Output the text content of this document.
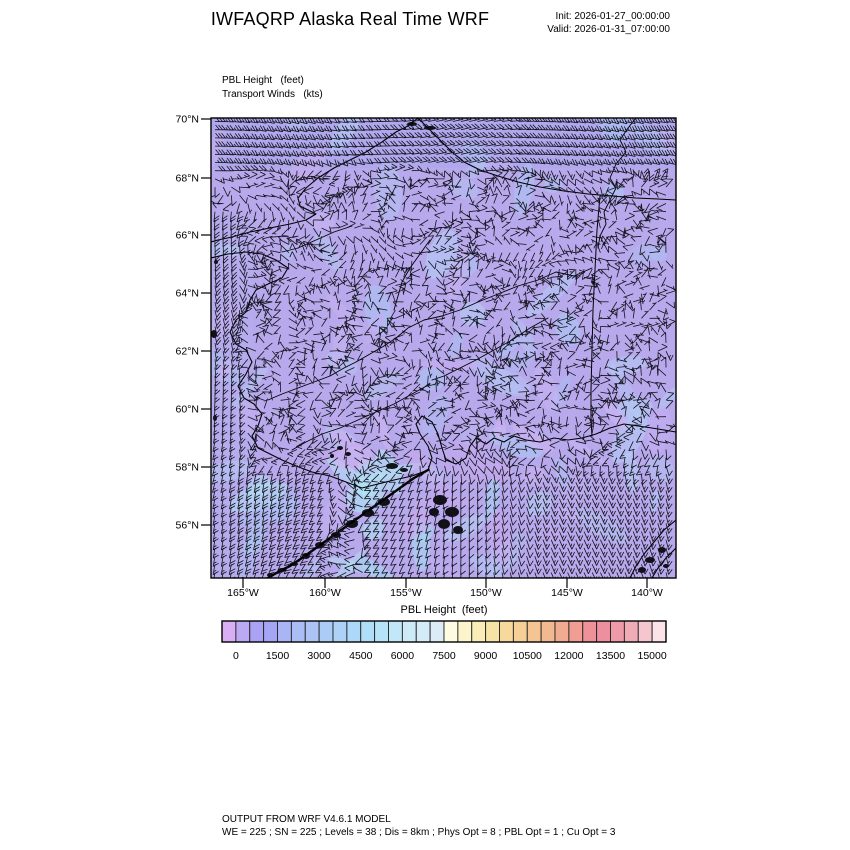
IWFAQRP Alaska Real Time WRF	Init: 2026-01-27_00:00:00
Valid: 2026-01-31_07:00:00
PBL Height   (feet)
Transport Winds   (kts)
70°N
68°N
66°N
64°N
62°N
60°N
58°N
56°N
165°W	160°W	155°W	150°W	145°W	140°W
0	1500 3000 4500 6000 7500 9000 10500 12000 13500 15000
PBL Height  (feet)
OUTPUT FROM WRF V4.6.1 MODEL
WE = 225 ; SN = 225 ; Levels = 38 ; Dis = 8km ; Phys Opt = 8 ; PBL Opt = 1 ; Cu Opt = 3
